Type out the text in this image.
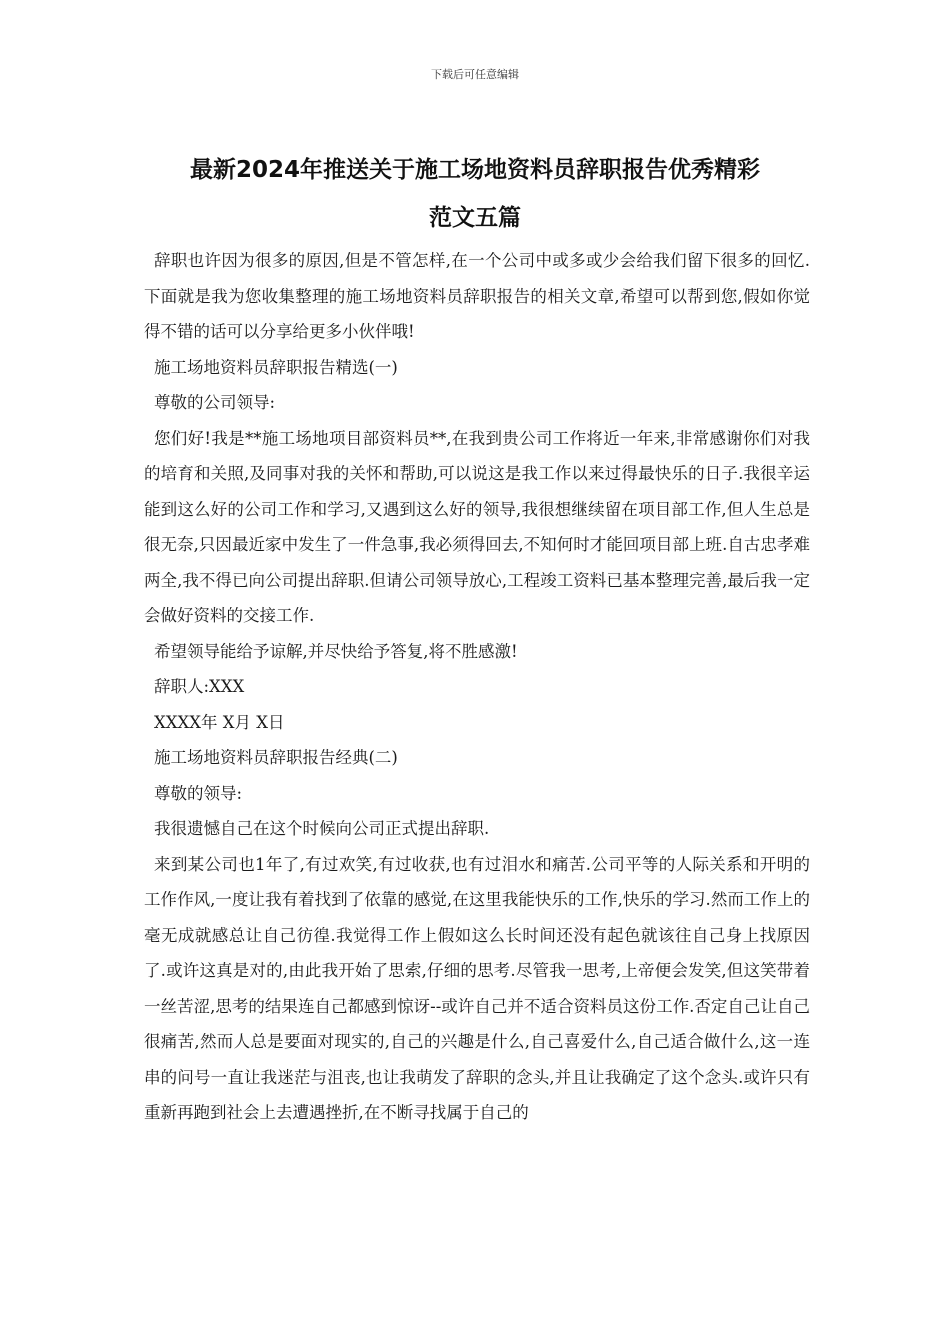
下载后可任意编辑
最新2024年推送关于施工场地资料员辞职报告优秀精彩
范文五篇

辞职也许因为很多的原因,但是不管怎样,在一个公司中或多或少会给我们留下很多的回忆.下面就是我为您收集整理的施工场地资料员辞职报告的相关文章,希望可以帮到您,假如你觉得不错的话可以分享给更多小伙伴哦!

施工场地资料员辞职报告精选(一)

尊敬的公司领导:

您们好!我是**施工场地项目部资料员**,在我到贵公司工作将近一年来,非常感谢你们对我的培育和关照,及同事对我的关怀和帮助,可以说这是我工作以来过得最快乐的日子.我很辛运能到这么好的公司工作和学习,又遇到这么好的领导,我很想继续留在项目部工作,但人生总是很无奈,只因最近家中发生了一件急事,我必须得回去,不知何时才能回项目部上班.自古忠孝难两全,我不得已向公司提出辞职.但请公司领导放心,工程竣工资料已基本整理完善,最后我一定会做好资料的交接工作.

希望领导能给予谅解,并尽快给予答复,将不胜感激!

辞职人:XXX

XXXX年 X月 X日

施工场地资料员辞职报告经典(二)

尊敬的领导:

我很遗憾自己在这个时候向公司正式提出辞职.

来到某公司也1年了,有过欢笑,有过收获,也有过泪水和痛苦.公司平等的人际关系和开明的工作作风,一度让我有着找到了依靠的感觉,在这里我能快乐的工作,快乐的学习.然而工作上的毫无成就感总让自己彷徨.我觉得工作上假如这么长时间还没有起色就该往自己身上找原因了.或许这真是对的,由此我开始了思索,仔细的思考.尽管我一思考,上帝便会发笑,但这笑带着一丝苦涩,思考的结果连自己都感到惊讶--或许自己并不适合资料员这份工作.否定自己让自己很痛苦,然而人总是要面对现实的,自己的兴趣是什么,自己喜爱什么,自己适合做什么,这一连串的问号一直让我迷茫与沮丧,也让我萌发了辞职的念头,并且让我确定了这个念头.或许只有重新再跑到社会上去遭遇挫折,在不断寻找属于自己的
